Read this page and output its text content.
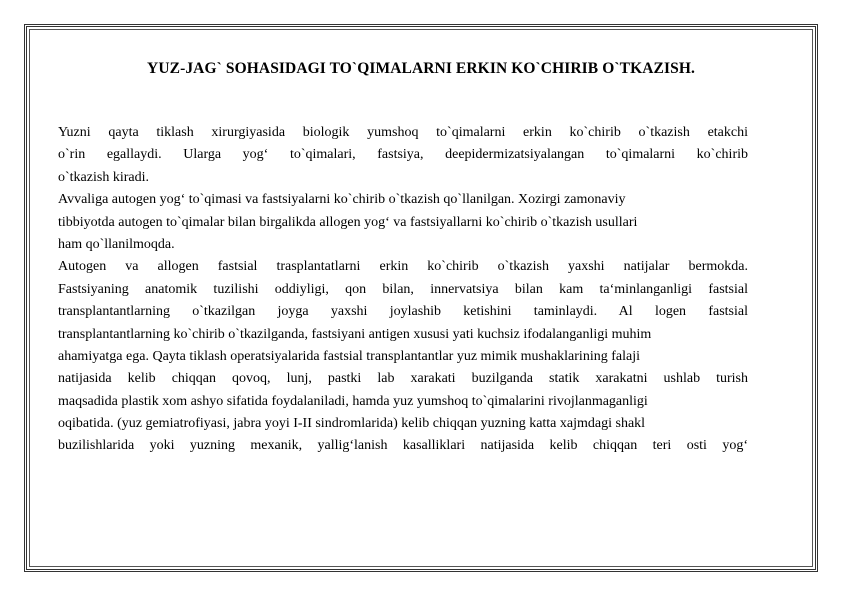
YUZ-JAG` SOHASIDAGI TO`QIMALARNI ERKIN KO`CHIRIB O`TKAZISH.
Yuzni qayta tiklash xirurgiyasida biologik yumshoq to`qimalarni erkin ko`chirib o`tkazish etakchi
o`rin egallaydi. Ularga yog‘ to`qimalari, fastsiya, deepidermizatsiyalangan to`qimalarni ko`chirib
o`tkazish kiradi.
Avvaliga autogen yog‘ to`qimasi va fastsiyalarni ko`chirib o`tkazish qo`llanilgan. Xozirgi zamonaviy
tibbiyotda autogen to`qimalar bilan birgalikda allogen yog‘ va fastsiyallarni ko`chirib o`tkazish usullari
ham qo`llanilmoqda.
Autogen va allogen fastsial trasplantatlarni erkin ko`chirib o`tkazish yaxshi natijalar bermokda.
Fastsiyaning anatomik tuzilishi oddiyligi, qon bilan, innervatsiya bilan kam ta‘minlanganligi fastsial
transplantantlarning o`tkazilgan joyga yaxshi joylashib ketishini taminlaydi. Al logen fastsial
transplantantlarning ko`chirib o`tkazilganda, fastsiyani antigen xususi yati kuchsiz ifodalanganligi muhim
ahamiyatga ega. Qayta tiklash operatsiyalarida fastsial transplantantlar yuz mimik mushaklarining falaji
natijasida kelib chiqqan qovoq, lunj, pastki lab xarakati buzilganda statik xarakatni ushlab turish
maqsadida plastik xom ashyo sifatida foydalaniladi, hamda yuz yumshoq to`qimalarini rivojlanmaganligi
oqibatida. (yuz gemiatrofiyasi, jabra yoyi I-II sindromlarida) kelib chiqqan yuzning katta xajmdagi shakl
buzilishlarida yoki yuzning mexanik, yallig‘lanish kasalliklari natijasida kelib chiqqan teri osti yog‘
